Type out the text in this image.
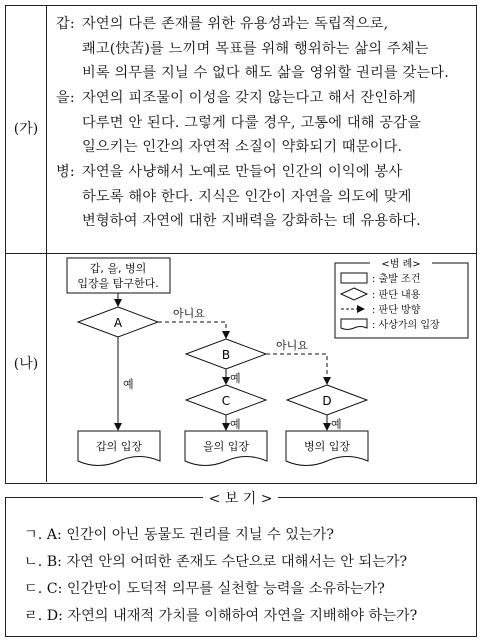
(가)
갑: 자연의 다른 존재를 위한 유용성과는 독립적으로,
쾌고(快苦)를 느끼며 목표를 위해 행위하는 삶의 주체는
비록 의무를 지닐 수 없다 해도 삶을 영위할 권리를 갖는다.
을: 자연의 피조물이 이성을 갖지 않는다고 해서 잔인하게
다루면 안 된다. 그렇게 다룰 경우, 고통에 대해 공감을
일으키는 인간의 자연적 소질이 약화되기 때문이다.
병: 자연을 사냥해서 노예로 만들어 인간의 이익에 봉사
하도록 해야 한다. 지식은 인간이 자연을 의도에 맞게
변형하여 자연에 대한 지배력을 강화하는 데 유용하다.
(나)
갑, 을, 병의
입장을 탐구한다.
A
아니요
예
B
아니요
예
C
예
D
예
갑의 입장	을의 입장	병의 입장
<범 례>
: 출발 조건
: 판단 내용
: 판단 방향
: 사상가의 입장
< 보 기 >
ㄱ. A: 인간이 아닌 동물도 권리를 지닐 수 있는가?
ㄴ. B: 자연 안의 어떠한 존재도 수단으로 대해서는 안 되는가?
ㄷ. C: 인간만이 도덕적 의무를 실천할 능력을 소유하는가?
ㄹ. D: 자연의 내재적 가치를 이해하여 자연을 지배해야 하는가?
